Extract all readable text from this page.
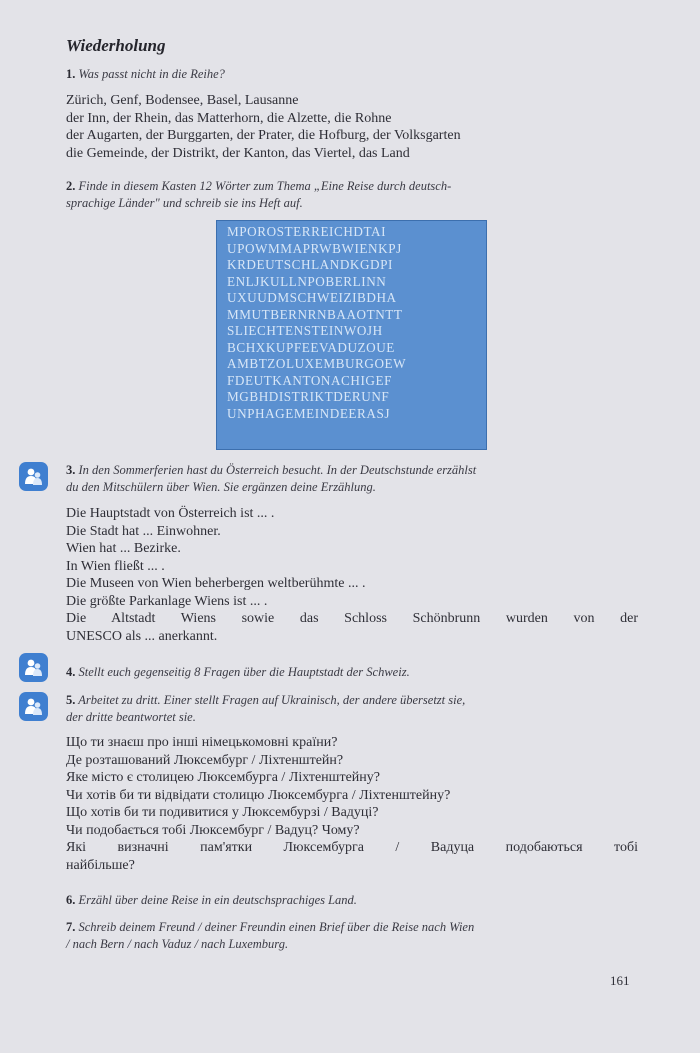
Wiederholung
1. Was passt nicht in die Reihe?
Zürich, Genf, Bodensee, Basel, Lausanne
der Inn, der Rhein, das Matterhorn, die Alzette, die Rohne
der Augarten, der Burggarten, der Prater, die Hofburg, der Volksgarten
die Gemeinde, der Distrikt, der Kanton, das Viertel, das Land
2. Finde in diesem Kasten 12 Wörter zum Thema „Eine Reise durch deutsch-
sprachige Länder" und schreib sie ins Heft auf.
MPOROSTERREICHDTAI
UPOWMMAPRWBWIENKPJ
KRDEUTSCHLANDKGDPI
ENLJKULLNPOBERLINN
UXUUDMSCHWEIZIBDHA
MMUTBERNRNBAAOTNTT
SLIECHTENSTEINWOJH
BCHXKUPFEEVADUZOUE
AMBTZOLUXEMBURGOEW
FDEUTKANTONACHIGEF
MGBHDISTRIKTDERUNF
UNPHAGEMEINDEERASJ
3. In den Sommerferien hast du Österreich besucht. In der Deutschstunde erzählst
du den Mitschülern über Wien. Sie ergänzen deine Erzählung.
Die Hauptstadt von Österreich ist ... .
Die Stadt hat ... Einwohner.
Wien hat ... Bezirke.
In Wien fließt ... .
Die Museen von Wien beherbergen weltberühmte ... .
Die größte Parkanlage Wiens ist ... .
Die Altstadt Wiens sowie das Schloss Schönbrunn wurden von der
UNESCO als ... anerkannt.
4. Stellt euch gegenseitig 8 Fragen über die Hauptstadt der Schweiz.
5. Arbeitet zu dritt. Einer stellt Fragen auf Ukrainisch, der andere übersetzt sie,
der dritte beantwortet sie.
Що ти знаєш про інші німецькомовні країни?
Де розташований Люксембург / Ліхтенштейн?
Яке місто є столицею Люксембурга / Ліхтенштейну?
Чи хотів би ти відвідати столицю Люксембурга / Ліхтенштейну?
Що хотів би ти подивитися у Люксембурзі / Вадуці?
Чи подобається тобі Люксембург / Вадуц? Чому?
Які визначні пам'ятки Люксембурга / Вадуца подобаються тобі
найбільше?
6. Erzähl über deine Reise in ein deutschsprachiges Land.
7. Schreib deinem Freund / deiner Freundin einen Brief über die Reise nach Wien
/ nach Bern / nach Vaduz / nach Luxemburg.
161
